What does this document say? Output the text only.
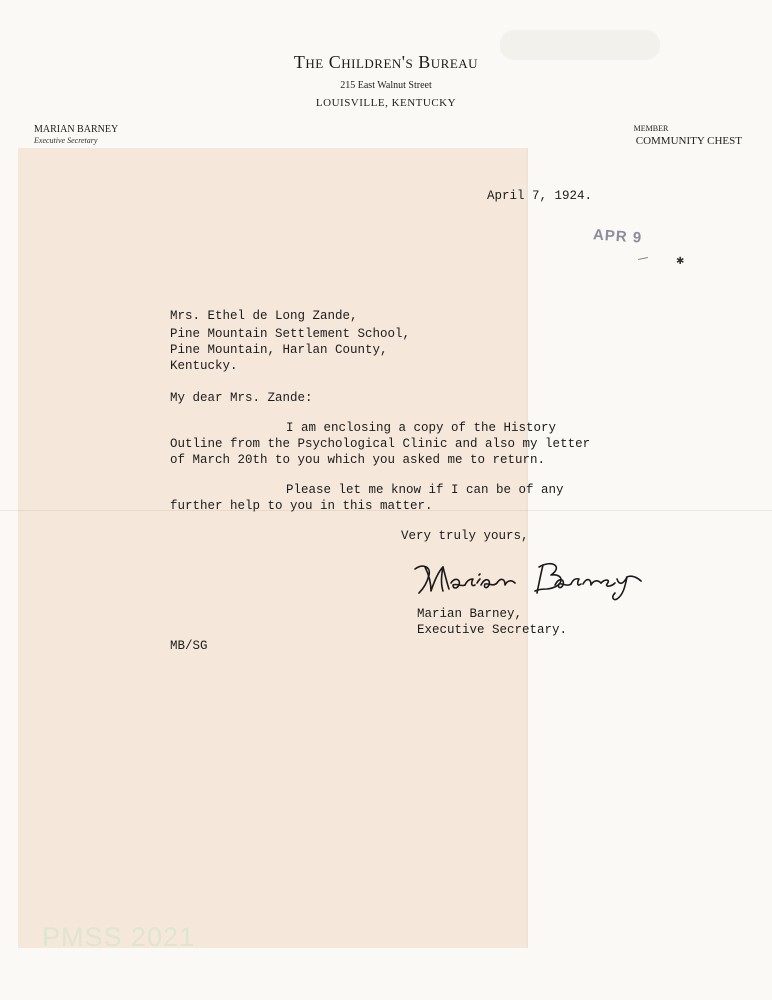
The Children's Bureau
215 East Walnut Street
LOUISVILLE, KENTUCKY
MARIAN BARNEY
Executive Secretary
MEMBER
COMMUNITY CHEST
April 7, 1924.
APR 9
✱
Mrs. Ethel de Long Zande,
Pine Mountain Settlement School,
Pine Mountain, Harlan County,
Kentucky.
My dear Mrs. Zande:
I am enclosing a copy of the History
Outline from the Psychological Clinic and also my letter
of March 20th to you which you asked me to return.
Please let me know if I can be of any
further help to you in this matter.
Very truly yours,
Marian Barney,
Executive Secretary.
MB/SG
PMSS 2021
